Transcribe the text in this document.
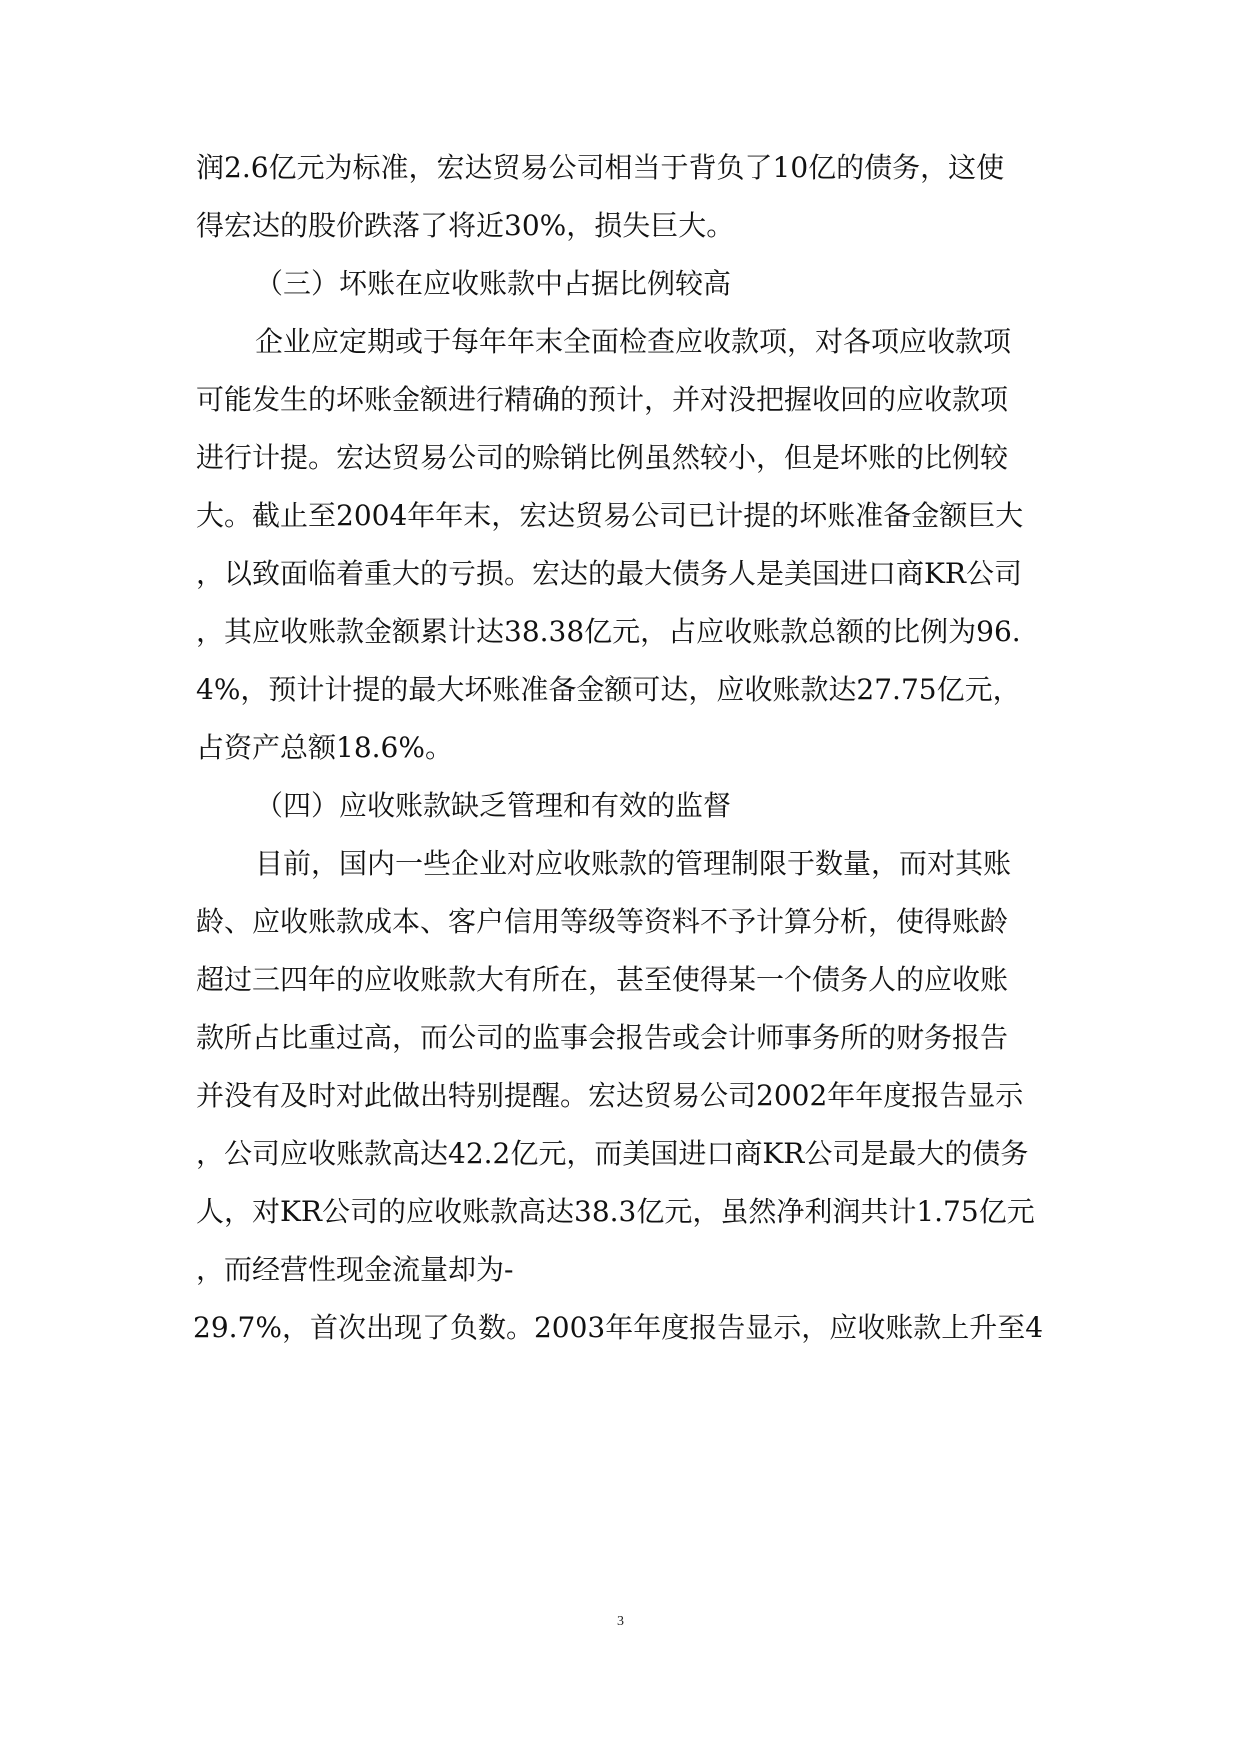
润2.6亿元为标准，宏达贸易公司相当于背负了10亿的债务，这使
得宏达的股价跌落了将近30%，损失巨大。
（三）坏账在应收账款中占据比例较高
企业应定期或于每年年末全面检查应收款项，对各项应收款项
可能发生的坏账金额进行精确的预计，并对没把握收回的应收款项
进行计提。宏达贸易公司的赊销比例虽然较小，但是坏账的比例较
大。截止至2004年年末，宏达贸易公司已计提的坏账准备金额巨大
，以致面临着重大的亏损。宏达的最大债务人是美国进口商KR公司
，其应收账款金额累计达38.38亿元，占应收账款总额的比例为96.
4%，预计计提的最大坏账准备金额可达，应收账款达27.75亿元，
占资产总额18.6%。
（四）应收账款缺乏管理和有效的监督
目前，国内一些企业对应收账款的管理制限于数量，而对其账
龄、应收账款成本、客户信用等级等资料不予计算分析，使得账龄
超过三四年的应收账款大有所在，甚至使得某一个债务人的应收账
款所占比重过高，而公司的监事会报告或会计师事务所的财务报告
并没有及时对此做出特别提醒。宏达贸易公司2002年年度报告显示
，公司应收账款高达42.2亿元，而美国进口商KR公司是最大的债务
人，对KR公司的应收账款高达38.3亿元，虽然净利润共计1.75亿元
，而经营性现金流量却为-
29.7%，首次出现了负数。2003年年度报告显示，应收账款上升至4
3
